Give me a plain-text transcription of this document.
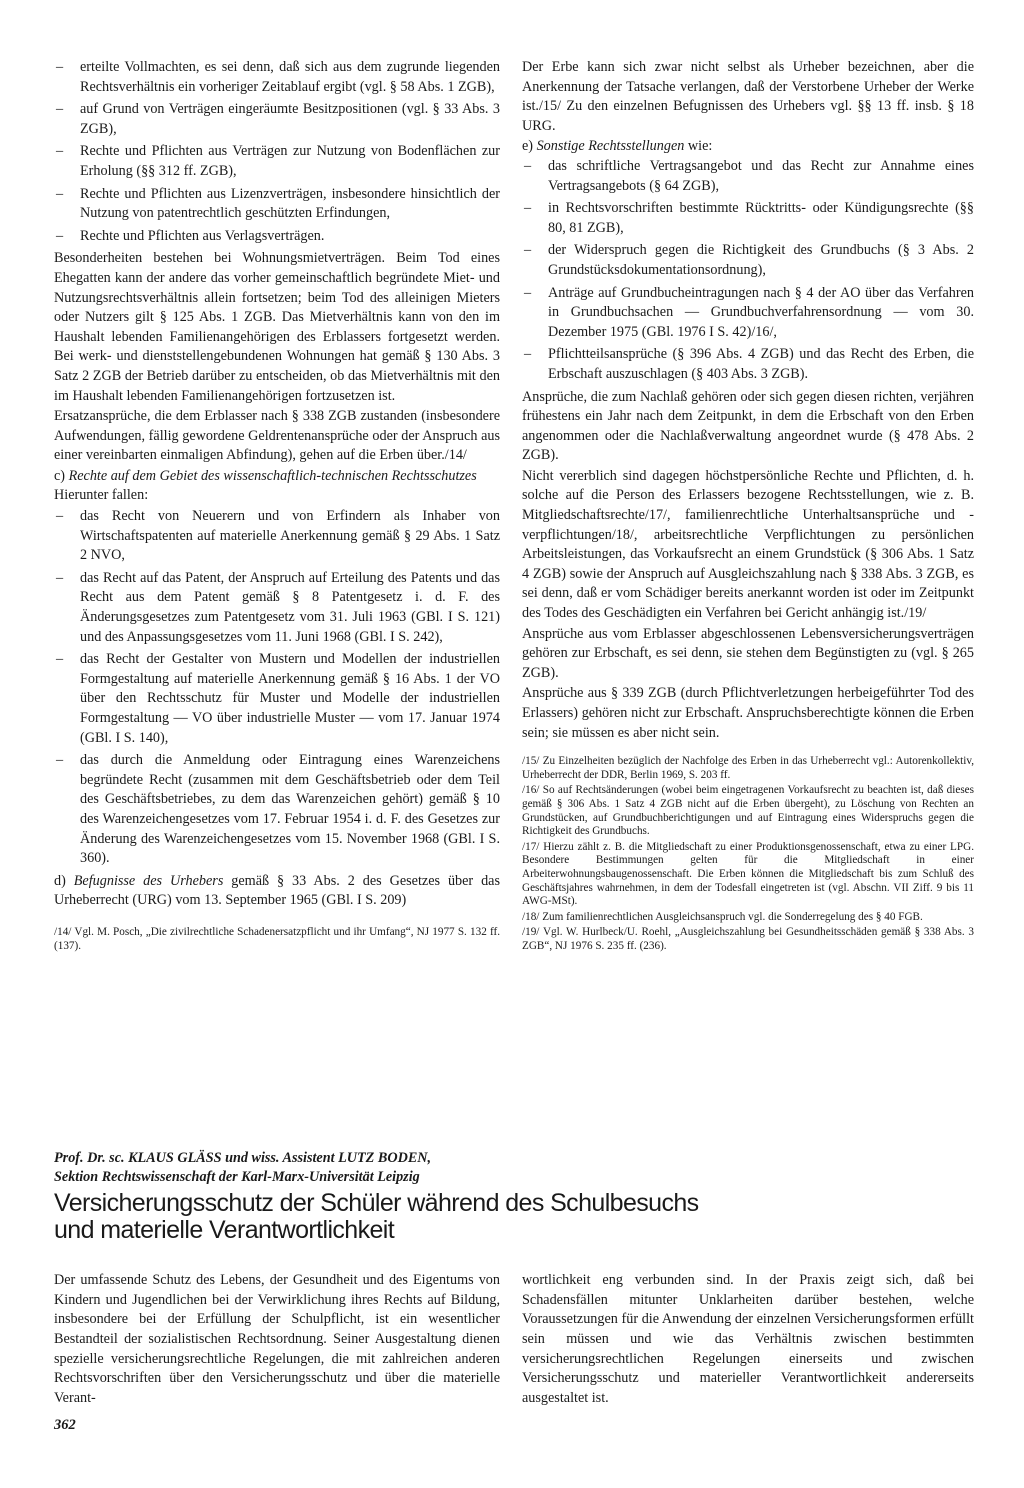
– erteilte Vollmachten, es sei denn, daß sich aus dem zugrunde liegenden Rechtsverhältnis ein vorheriger Zeitablauf ergibt (vgl. § 58 Abs. 1 ZGB),
– auf Grund von Verträgen eingeräumte Besitzpositionen (vgl. § 33 Abs. 3 ZGB),
– Rechte und Pflichten aus Verträgen zur Nutzung von Bodenflächen zur Erholung (§§ 312 ff. ZGB),
– Rechte und Pflichten aus Lizenzverträgen, insbesondere hinsichtlich der Nutzung von patentrechtlich geschützten Erfindungen,
– Rechte und Pflichten aus Verlagsverträgen.

Besonderheiten bestehen bei Wohnungsmietverträgen. Beim Tod eines Ehegatten kann der andere das vorher gemeinschaftlich begründete Miet- und Nutzungsrechtsverhältnis allein fortsetzen; beim Tod des alleinigen Mieters oder Nutzers gilt § 125 Abs. 1 ZGB. Das Mietverhältnis kann von den im Haushalt lebenden Familienangehörigen des Erblassers fortgesetzt werden. Bei werk- und dienststellengebundenen Wohnungen hat gemäß § 130 Abs. 3 Satz 2 ZGB der Betrieb darüber zu entscheiden, ob das Mietverhältnis mit den im Haushalt lebenden Familienangehörigen fortzusetzen ist.

Ersatzansprüche, die dem Erblasser nach § 338 ZGB zustanden (insbesondere Aufwendungen, fällig gewordene Geldrentenansprüche oder der Anspruch aus einer vereinbarten einmaligen Abfindung), gehen auf die Erben über./14/

c) Rechte auf dem Gebiet des wissenschaftlich-technischen Rechtsschutzes

Hierunter fallen:

– das Recht von Neuerern und von Erfindern als Inhaber von Wirtschaftspatenten auf materielle Anerkennung gemäß § 29 Abs. 1 Satz 2 NVO,
– das Recht auf das Patent, der Anspruch auf Erteilung des Patents und das Recht aus dem Patent gemäß § 8 Patentgesetz i. d. F. des Änderungsgesetzes zum Patentgesetz vom 31. Juli 1963 (GBl. I S. 121) und des Anpassungsgesetzes vom 11. Juni 1968 (GBl. I S. 242),
– das Recht der Gestalter von Mustern und Modellen der industriellen Formgestaltung auf materielle Anerkennung gemäß § 16 Abs. 1 der VO über den Rechtsschutz für Muster und Modelle der industriellen Formgestaltung — VO über industrielle Muster — vom 17. Januar 1974 (GBl. I S. 140),
– das durch die Anmeldung oder Eintragung eines Warenzeichens begründete Recht (zusammen mit dem Geschäftsbetrieb oder dem Teil des Geschäftsbetriebes, zu dem das Warenzeichen gehört) gemäß § 10 des Warenzeichengesetzes vom 17. Februar 1954 i. d. F. des Gesetzes zur Änderung des Warenzeichengesetzes vom 15. November 1968 (GBl. I S. 360).

d) Befugnisse des Urhebers gemäß § 33 Abs. 2 des Gesetzes über das Urheberrecht (URG) vom 13. September 1965 (GBl. I S. 209)

/14/ Vgl. M. Posch, „Die zivilrechtliche Schadenersatzpflicht und ihr Umfang“, NJ 1977 S. 132 ff. (137).

Der Erbe kann sich zwar nicht selbst als Urheber bezeichnen, aber die Anerkennung der Tatsache verlangen, daß der Verstorbene Urheber der Werke ist./15/ Zu den einzelnen Befugnissen des Urhebers vgl. §§ 13 ff. insb. § 18 URG.

e) Sonstige Rechtsstellungen wie:

– das schriftliche Vertragsangebot und das Recht zur Annahme eines Vertragsangebots (§ 64 ZGB),
– in Rechtsvorschriften bestimmte Rücktritts- oder Kündigungsrechte (§§ 80, 81 ZGB),
– der Widerspruch gegen die Richtigkeit des Grundbuchs (§ 3 Abs. 2 Grundstücksdokumentationsordnung),
– Anträge auf Grundbucheintragungen nach § 4 der AO über das Verfahren in Grundbuchsachen — Grundbuchverfahrensordnung — vom 30. Dezember 1975 (GBl. 1976 I S. 42)/16/,
– Pflichtteilsansprüche (§ 396 Abs. 4 ZGB) und das Recht des Erben, die Erbschaft auszuschlagen (§ 403 Abs. 3 ZGB).

Ansprüche, die zum Nachlaß gehören oder sich gegen diesen richten, verjähren frühestens ein Jahr nach dem Zeitpunkt, in dem die Erbschaft von den Erben angenommen oder die Nachlaßverwaltung angeordnet wurde (§ 478 Abs. 2 ZGB).

Nicht vererblich sind dagegen höchstpersönliche Rechte und Pflichten, d. h. solche auf die Person des Erlassers bezogene Rechtsstellungen, wie z. B. Mitgliedschaftsrechte/17/, familienrechtliche Unterhaltsansprüche und -verpflichtungen/18/, arbeitsrechtliche Verpflichtungen zu persönlichen Arbeitsleistungen, das Vorkaufsrecht an einem Grundstück (§ 306 Abs. 1 Satz 4 ZGB) sowie der Anspruch auf Ausgleichszahlung nach § 338 Abs. 3 ZGB, es sei denn, daß er vom Schädiger bereits anerkannt worden ist oder im Zeitpunkt des Todes des Geschädigten ein Verfahren bei Gericht anhängig ist./19/

Ansprüche aus vom Erblasser abgeschlossenen Lebensversicherungsverträgen gehören zur Erbschaft, es sei denn, sie stehen dem Begünstigten zu (vgl. § 265 ZGB).

Ansprüche aus § 339 ZGB (durch Pflichtverletzungen herbeigeführter Tod des Erlassers) gehören nicht zur Erbschaft. Anspruchsberechtigte können die Erben sein; sie müssen es aber nicht sein.

/15/ Zu Einzelheiten bezüglich der Nachfolge des Erben in das Urheberrecht vgl.: Autorenkollektiv, Urheberrecht der DDR, Berlin 1969, S. 203 ff.

/16/ So auf Rechtsänderungen (wobei beim eingetragenen Vorkaufsrecht zu beachten ist, daß dieses gemäß § 306 Abs. 1 Satz 4 ZGB nicht auf die Erben übergeht), zu Löschung von Rechten an Grundstücken, auf Grundbuchberichtigungen und auf Eintragung eines Widerspruchs gegen die Richtigkeit des Grundbuchs.

/17/ Hierzu zählt z. B. die Mitgliedschaft zu einer Produktionsgenossenschaft, etwa zu einer LPG. Besondere Bestimmungen gelten für die Mitgliedschaft in einer Arbeiterwohnungsbaugenossenschaft. Die Erben können die Mitgliedschaft bis zum Schluß des Geschäftsjahres wahrnehmen, in dem der Todesfall eingetreten ist (vgl. Abschn. VII Ziff. 9 bis 11 AWG-MSt).

/18/ Zum familienrechtlichen Ausgleichsanspruch vgl. die Sonderregelung des § 40 FGB.

/19/ Vgl. W. Hurlbeck/U. Roehl, „Ausgleichszahlung bei Gesundheitsschäden gemäß § 338 Abs. 3 ZGB“, NJ 1976 S. 235 ff. (236).

Prof. Dr. sc. KLAUS GLÄSS und wiss. Assistent LUTZ BODEN,
Sektion Rechtswissenschaft der Karl-Marx-Universität Leipzig
Versicherungsschutz der Schüler während des Schulbesuchs
und materielle Verantwortlichkeit

Der umfassende Schutz des Lebens, der Gesundheit und des Eigentums von Kindern und Jugendlichen bei der Verwirklichung ihres Rechts auf Bildung, insbesondere bei der Erfüllung der Schulpflicht, ist ein wesentlicher Bestandteil der sozialistischen Rechtsordnung. Seiner Ausgestaltung dienen spezielle versicherungsrechtliche Regelungen, die mit zahlreichen anderen Rechtsvorschriften über den Versicherungsschutz und über die materielle Verant-

wortlichkeit eng verbunden sind. In der Praxis zeigt sich, daß bei Schadensfällen mitunter Unklarheiten darüber bestehen, welche Voraussetzungen für die Anwendung der einzelnen Versicherungsformen erfüllt sein müssen und wie das Verhältnis zwischen bestimmten versicherungsrechtlichen Regelungen einerseits und zwischen Versicherungsschutz und materieller Verantwortlichkeit andererseits ausgestaltet ist.

362
